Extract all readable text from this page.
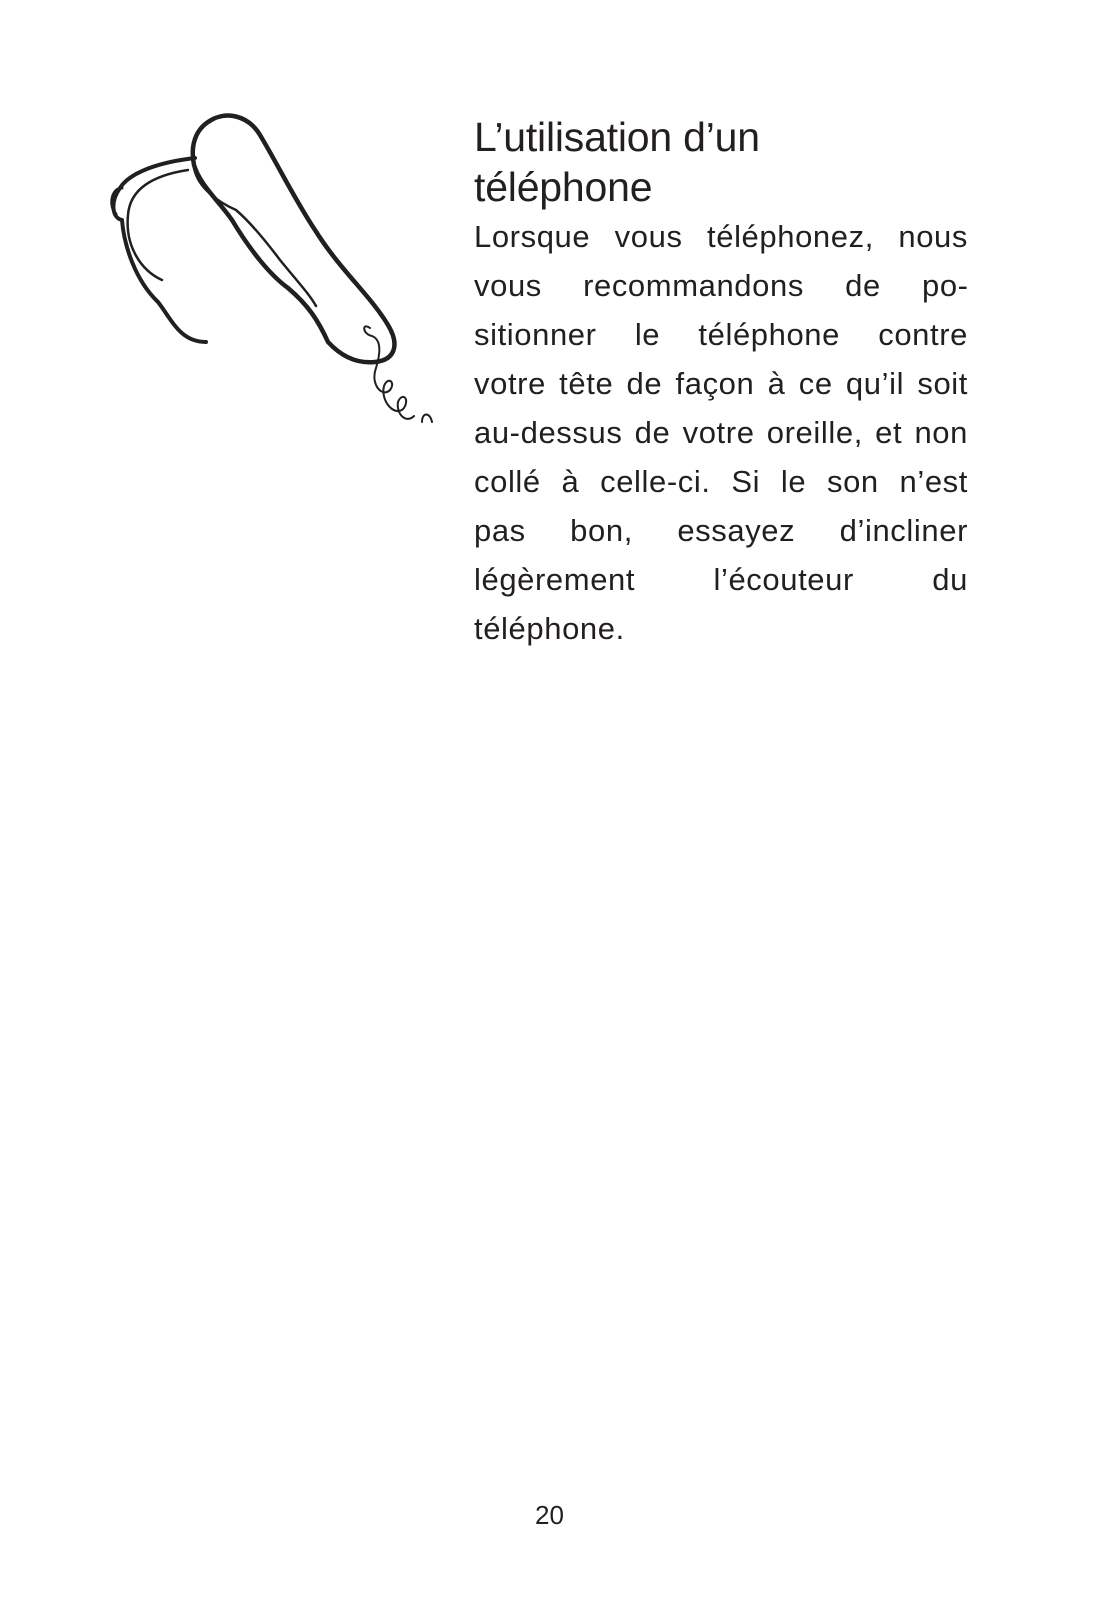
L’utilisation d’un
téléphone

Lorsque vous téléphonez, nous vous recommandons de positionner le téléphone contre votre tête de façon à ce qu’il soit au-dessus de votre oreille, et non collé à celle-ci. Si le son n’est pas bon, essayez d’incliner légèrement l’écouteur du téléphone.

20
